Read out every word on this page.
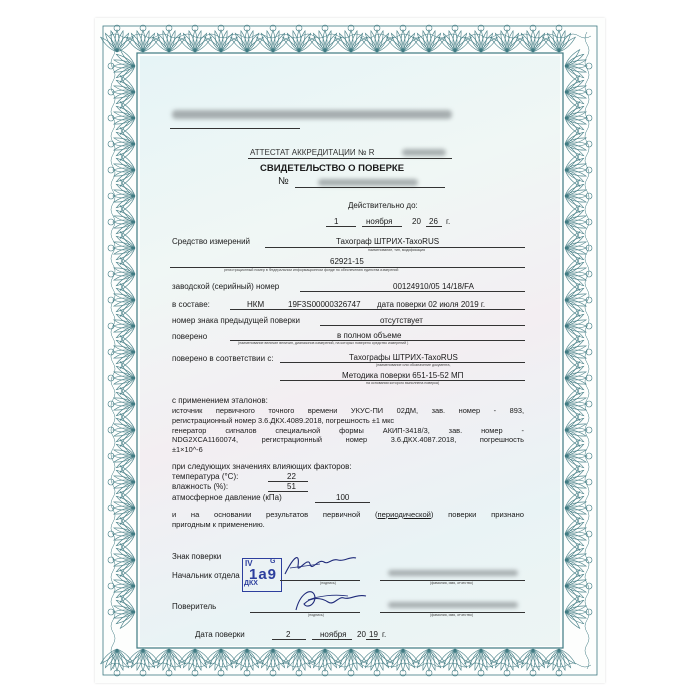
АТТЕСТАТ АККРЕДИТАЦИИ № R
СВИДЕТЕЛЬСТВО О ПОВЕРКЕ
№
Действительно до:
1	ноября 20 26 г.
Средство измерений	Тахограф ШТРИХ-TaxoRUS
наименование, тип, модификация
62921-15
регистрационный номер в Федеральном информационном фонде по обеспечению единства измерений
заводской (серийный) номер	00124910/05 14/18/FA
в составе:	НКМ	19F3S00000326747 дата поверки 02 июля 2019 г.
номер знака предыдущей поверки	отсутствует
поверено	в полном объеме
(наименование величин величин, диапазонов измерений, на которых поверено средство измерений )
поверено в соответствии с:	Тахографы ШТРИХ-TaxoRUS
(наименование или обозначение документа,
Методика поверки 651-15-52 МП
на основании которого выполнена поверка)
с применением эталонов:
источник первичного точного времени УКУС-ПИ 02ДМ, зав. номер - 893,
регистрационный номер 3.6.ДКХ.4089.2018, погрешность ±1 мкс
генератор сигналов специальной формы АКИП-3418/3, зав. номер -
NDG2XCA1160074, регистрационный номер 3.6.ДКХ.4087.2018, погрешность
±1×10^-6
при следующих значениях влияющих факторов:
температура (°C):	22
влажность (%):	51
атмосферное давление (кПа)	100
и на основании результатов первичной (периодической) поверки признано
пригодным к применению.
Знак поверки
IV G
1a9
ДКХ
Начальник отдела
(подпись)	(фамилия, имя, отчество)
Поверитель
(подпись)	(фамилия, имя, отчество)
Дата поверки	2	ноября 20 19 г.
